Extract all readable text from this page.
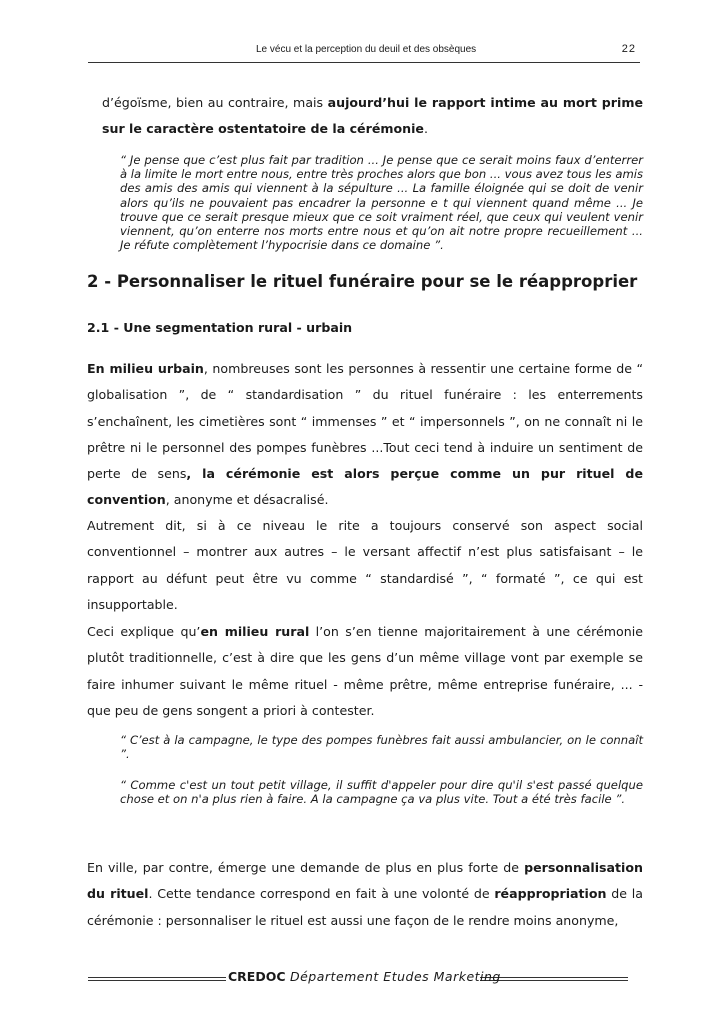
Le vécu et la perception du deuil et des obsèques	22

d’égoïsme, bien au contraire, mais aujourd’hui le rapport intime au mort prime sur le caractère ostentatoire de la cérémonie.

“ Je pense que c’est plus fait par tradition ... Je pense que ce serait moins faux d’enterrer à la limite le mort entre nous, entre très proches alors que bon ... vous avez tous les amis des amis des amis qui viennent à la sépulture ... La famille éloignée qui se doit de venir alors qu’ils ne pouvaient pas encadrer la personne e t qui viennent quand même ... Je trouve que ce serait presque mieux que ce soit vraiment réel, que ceux qui veulent venir viennent, qu’on enterre nos morts entre nous et qu’on ait notre propre recueillement ... Je réfute complètement l’hypocrisie dans ce domaine ”.

2 - Personnaliser le rituel funéraire pour se le réapproprier
2.1 - Une segmentation rural - urbain

En milieu urbain, nombreuses sont les personnes à ressentir une certaine forme de “ globalisation ”, de “ standardisation ” du rituel funéraire : les enterrements s’enchaînent, les cimetières sont “ immenses ” et “ impersonnels ”, on ne connaît ni le prêtre ni le personnel des pompes funèbres ...Tout ceci tend à induire un sentiment de perte de sens, la cérémonie est alors perçue comme un pur rituel de convention, anonyme et désacralisé.

Autrement dit, si à ce niveau le rite a toujours conservé son aspect social conventionnel – montrer aux autres – le versant affectif n’est plus satisfaisant – le rapport au défunt peut être vu comme “ standardisé ”, “ formaté ”, ce qui est insupportable.

Ceci explique qu’en milieu rural l’on s’en tienne majoritairement à une cérémonie plutôt traditionnelle, c’est à dire que les gens d’un même village vont par exemple se faire inhumer suivant le même rituel - même prêtre, même entreprise funéraire, ... - que peu de gens songent a priori à contester.

“ C’est à la campagne, le type des pompes funèbres fait aussi ambulancier, on le connaît ”.

“ Comme c'est un tout petit village, il suffit d'appeler pour dire qu'il s'est passé quelque chose et on n'a plus rien à faire. A la campagne ça va plus vite. Tout a été très facile ”.

En ville, par contre, émerge une demande de plus en plus forte de personnalisation du rituel. Cette tendance correspond en fait à une volonté de réappropriation de la cérémonie : personnaliser le rituel est aussi une façon de le rendre moins anonyme,

CREDOC Département Etudes Marketing
